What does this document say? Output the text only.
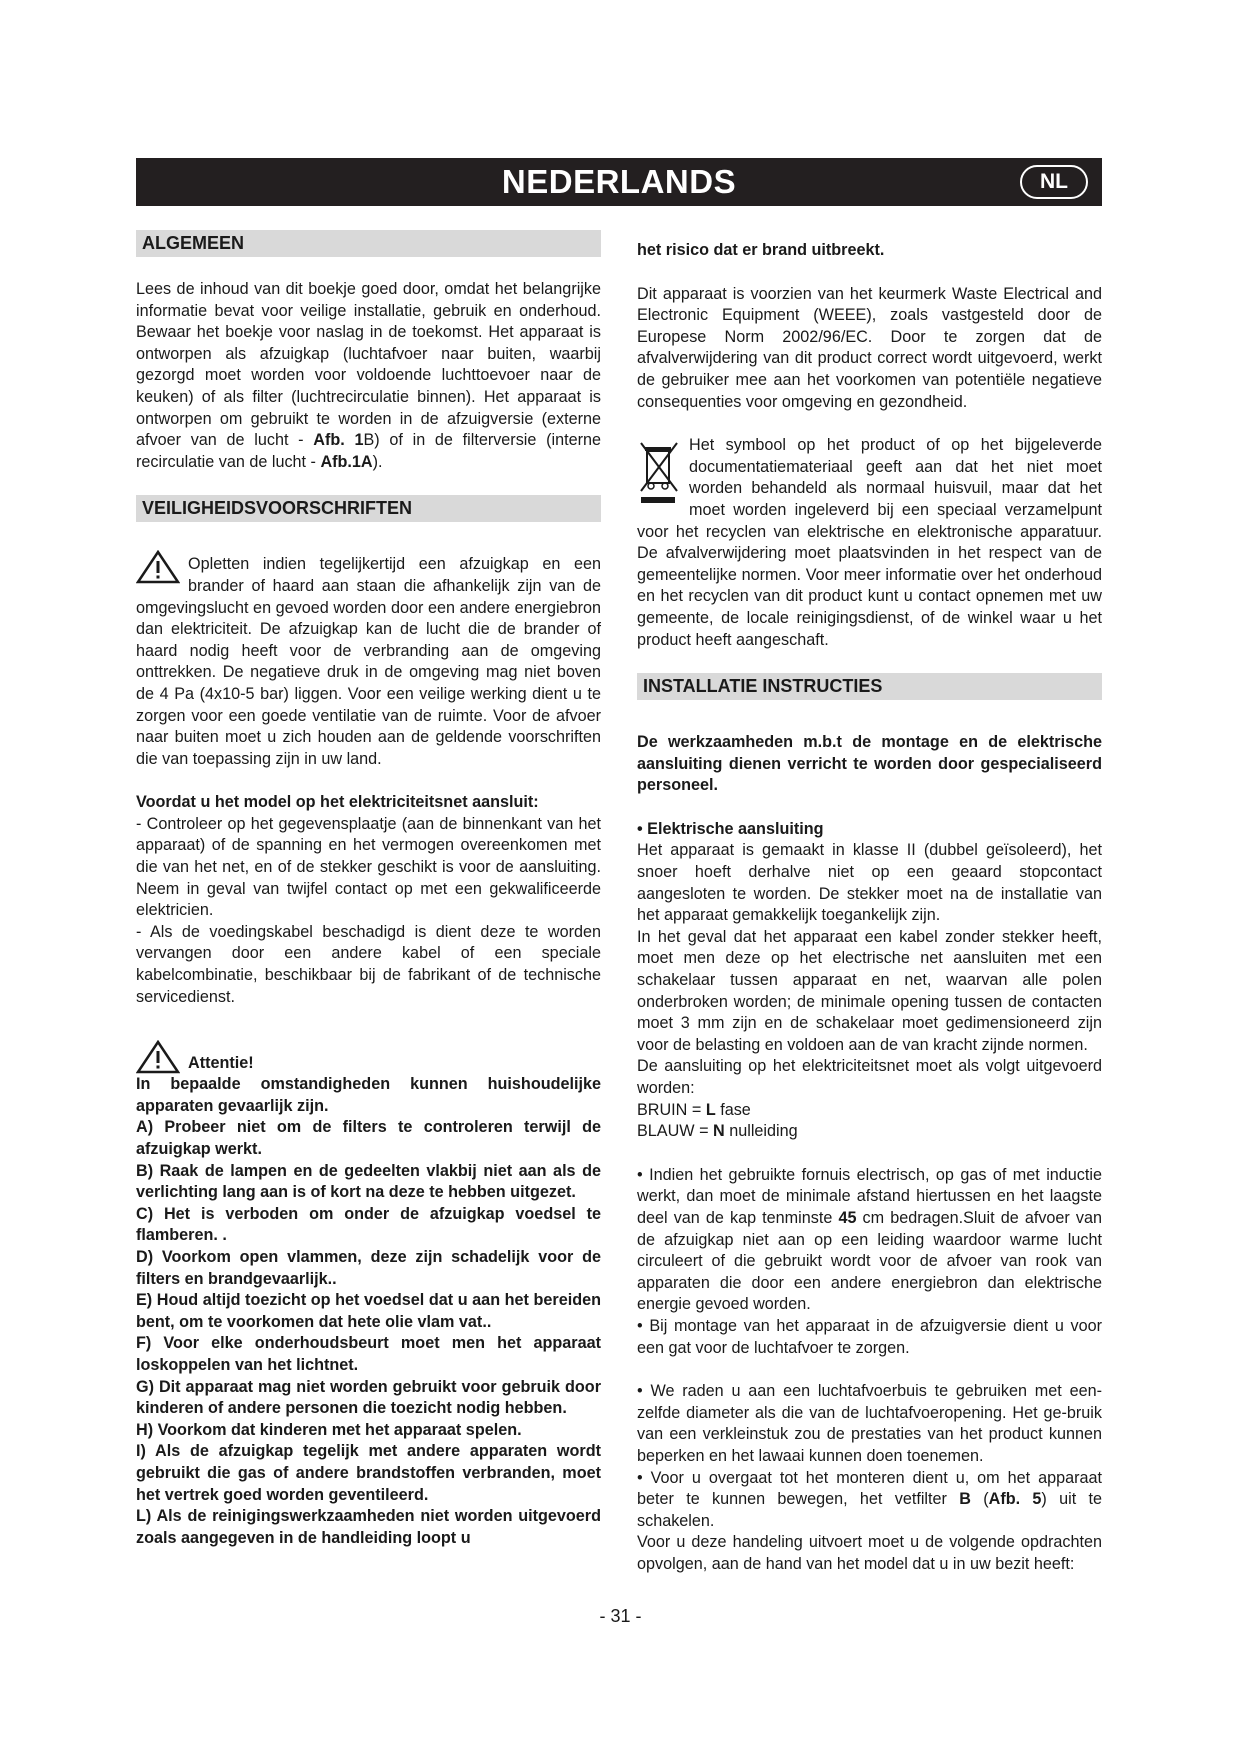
NEDERLANDS	NL
ALGEMEEN

Lees de inhoud van dit boekje goed door, omdat het belangrijke informatie bevat voor veilige installatie, gebruik en onderhoud. Bewaar het boekje voor naslag in de toekomst. Het apparaat is ontworpen als afzuigkap (luchtafvoer naar buiten, waarbij gezorgd moet worden voor voldoende luchttoevoer naar de keuken) of als filter (luchtrecirculatie binnen). Het apparaat is ontworpen om gebruikt te worden in de afzuigversie (externe afvoer van de lucht - Afb. 1B) of in de filterversie (interne recirculatie van de lucht - Afb.1A).

VEILIGHEIDSVOORSCHRIFTEN

Opletten indien tegelijkertijd een afzuigkap en een brander of haard aan staan die afhankelijk zijn van de omgevingslucht en gevoed worden door een andere energiebron dan elektriciteit. De afzuigkap kan de lucht die de brander of haard nodig heeft voor de verbranding aan de omgeving onttrekken. De negatieve druk in de omgeving mag niet boven de 4 Pa (4x10-5 bar) liggen. Voor een veilige werking dient u te zorgen voor een goede ventilatie van de ruimte. Voor de afvoer naar buiten moet u zich houden aan de geldende voorschriften die van toepassing zijn in uw land.

Voordat u het model op het elektriciteitsnet aansluit:

- Controleer op het gegevensplaatje (aan de binnenkant van het apparaat) of de spanning en het vermogen overeenkomen met die van het net, en of de stekker geschikt is voor de aansluiting. Neem in geval van twijfel contact op met een gekwalificeerde elektricien.

- Als de voedingskabel beschadigd is dient deze te worden vervangen door een andere kabel of een speciale kabelcombinatie, beschikbaar bij de fabrikant of de technische servicedienst.

Attentie!

In bepaalde omstandigheden kunnen huishoudelijke apparaten gevaarlijk zijn.

A) Probeer niet om de filters te controleren terwijl de afzuigkap werkt.

B) Raak de lampen en de gedeelten vlakbij niet aan als de verlichting lang aan is of kort na deze te hebben uitgezet.

C) Het is verboden om onder de afzuigkap voedsel te flamberen. .

D) Voorkom open vlammen, deze zijn schadelijk voor de filters en brandgevaarlijk..

E) Houd altijd toezicht op het voedsel dat u aan het bereiden bent, om te voorkomen dat hete olie vlam vat..

F) Voor elke onderhoudsbeurt moet men het apparaat loskoppelen van het lichtnet.

G) Dit apparaat mag niet worden gebruikt voor gebruik door kinderen of andere personen die toezicht nodig hebben.

H) Voorkom dat kinderen met het apparaat spelen.

I) Als de afzuigkap tegelijk met andere apparaten wordt gebruikt die gas of andere brandstoffen verbranden, moet het vertrek goed worden geventileerd.

L) Als de reinigingswerkzaamheden niet worden uitgevoerd zoals aangegeven in de handleiding loopt u

het risico dat er brand uitbreekt.

Dit apparaat is voorzien van het keurmerk Waste Electrical and Electronic Equipment (WEEE), zoals vastgesteld door de Europese Norm 2002/96/EC. Door te zorgen dat de afvalverwijdering van dit product correct wordt uitgevoerd, werkt de gebruiker mee aan het voorkomen van potentiële negatieve consequenties voor omgeving en gezondheid.

Het symbool op het product of op het bijgeleverde documentatiemateriaal geeft aan dat het niet moet worden behandeld als normaal huisvuil, maar dat het moet worden ingeleverd bij een speciaal verzamelpunt voor het recyclen van elektrische en elektronische apparatuur. De afvalverwijdering moet plaatsvinden in het respect van de gemeentelijke normen. Voor meer informatie over het onderhoud en het recyclen van dit product kunt u contact opnemen met uw gemeente, de locale reinigingsdienst, of de winkel waar u het product heeft aangeschaft.

INSTALLATIE INSTRUCTIES

De werkzaamheden m.b.t de montage en de elektrische aansluiting dienen verricht te worden door gespecialiseerd personeel.

• Elektrische aansluiting

Het apparaat is gemaakt in klasse II (dubbel geïsoleerd), het snoer hoeft derhalve niet op een geaard stopcontact aangesloten te worden. De stekker moet na de installatie van het apparaat gemakkelijk toegankelijk zijn.

In het geval dat het apparaat een kabel zonder stekker heeft, moet men deze op het electrische net aansluiten met een schakelaar tussen apparaat en net, waarvan alle polen onderbroken worden; de minimale opening tussen de contacten moet 3 mm zijn en de schakelaar moet gedimensioneerd zijn voor de belasting en voldoen aan de van kracht zijnde normen.

De aansluiting op het elektriciteitsnet moet als volgt uitgevoerd worden:

BRUIN = L fase

BLAUW = N nulleiding

• Indien het gebruikte fornuis electrisch, op gas of met inductie werkt, dan moet de minimale afstand hiertussen en het laagste deel van de kap tenminste 45 cm bedragen.Sluit de afvoer van de afzuigkap niet aan op een leiding waardoor warme lucht circuleert of die gebruikt wordt voor de afvoer van rook van apparaten die door een andere energiebron dan elektrische energie gevoed worden.

• Bij montage van het apparaat in de afzuigversie dient u voor een gat voor de luchtafvoer te zorgen.

• We raden u aan een luchtafvoerbuis te gebruiken met een-zelfde diameter als die van de luchtafvoeropening. Het ge-bruik van een verkleinstuk zou de prestaties van het product kunnen beperken en het lawaai kunnen doen toenemen.

• Voor u overgaat tot het monteren dient u, om het apparaat beter te kunnen bewegen, het vetfilter B (Afb. 5) uit te schakelen.

Voor u deze handeling uitvoert moet u de volgende opdrachten opvolgen, aan de hand van het model dat u in uw bezit heeft:

- 31 -
